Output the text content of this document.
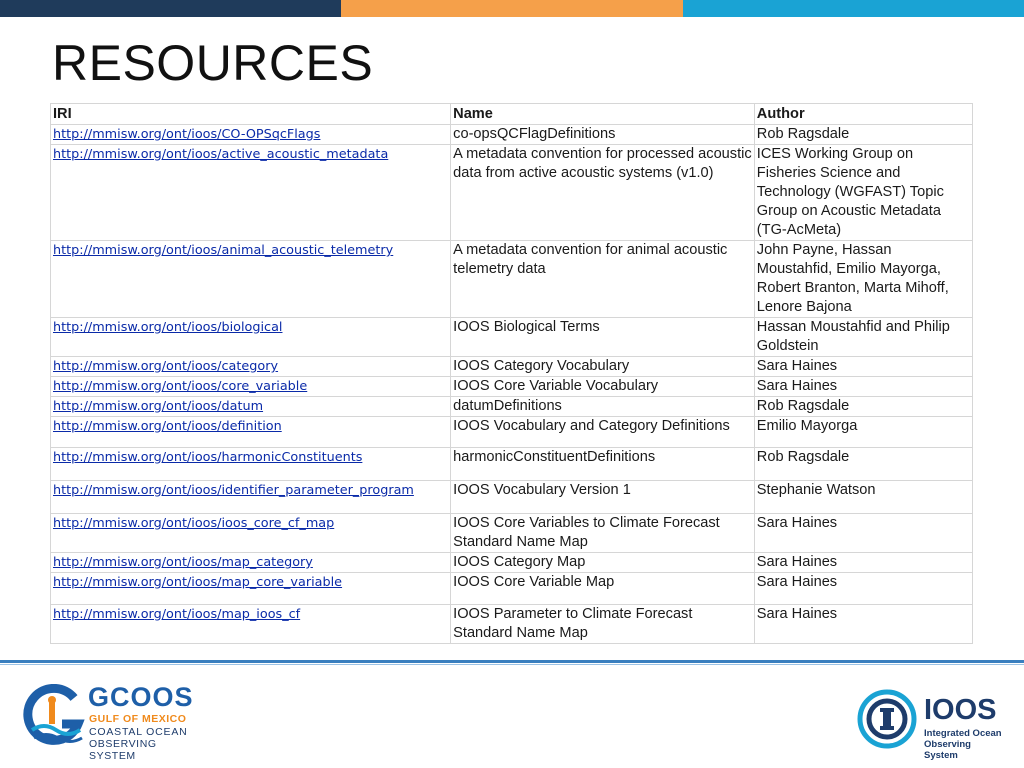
RESOURCES
IRI	Name	Author
http://mmisw.org/ont/ioos/CO-OPSqcFlags	co-opsQCFlagDefinitions	Rob Ragsdale
http://mmisw.org/ont/ioos/active_acoustic_metadata	A metadata convention for processed acoustic data from active acoustic systems (v1.0)	ICES Working Group on Fisheries Science and Technology (WGFAST) Topic Group on Acoustic Metadata (TG-AcMeta)
http://mmisw.org/ont/ioos/animal_acoustic_telemetry	A metadata convention for animal acoustic telemetry data	John Payne, Hassan Moustahfid, Emilio Mayorga, Robert Branton, Marta Mihoff, Lenore Bajona
http://mmisw.org/ont/ioos/biological	IOOS Biological Terms	Hassan Moustahfid and Philip Goldstein
http://mmisw.org/ont/ioos/category	IOOS Category Vocabulary	Sara Haines
http://mmisw.org/ont/ioos/core_variable	IOOS Core Variable Vocabulary	Sara Haines
http://mmisw.org/ont/ioos/datum	datumDefinitions	Rob Ragsdale
http://mmisw.org/ont/ioos/definition	IOOS Vocabulary and Category Definitions	Emilio Mayorga
http://mmisw.org/ont/ioos/harmonicConstituents	harmonicConstituentDefinitions	Rob Ragsdale
http://mmisw.org/ont/ioos/identifier_parameter_program	IOOS Vocabulary Version 1	Stephanie Watson
http://mmisw.org/ont/ioos/ioos_core_cf_map	IOOS Core Variables to Climate Forecast Standard Name Map	Sara Haines
http://mmisw.org/ont/ioos/map_category	IOOS Category Map	Sara Haines
http://mmisw.org/ont/ioos/map_core_variable	IOOS Core Variable Map	Sara Haines
http://mmisw.org/ont/ioos/map_ioos_cf	IOOS Parameter to Climate Forecast Standard Name Map	Sara Haines
GCOOS
GULF OF MEXICO
COASTAL OCEAN
OBSERVING SYSTEM
IOOS
Integrated Ocean
Observing System
